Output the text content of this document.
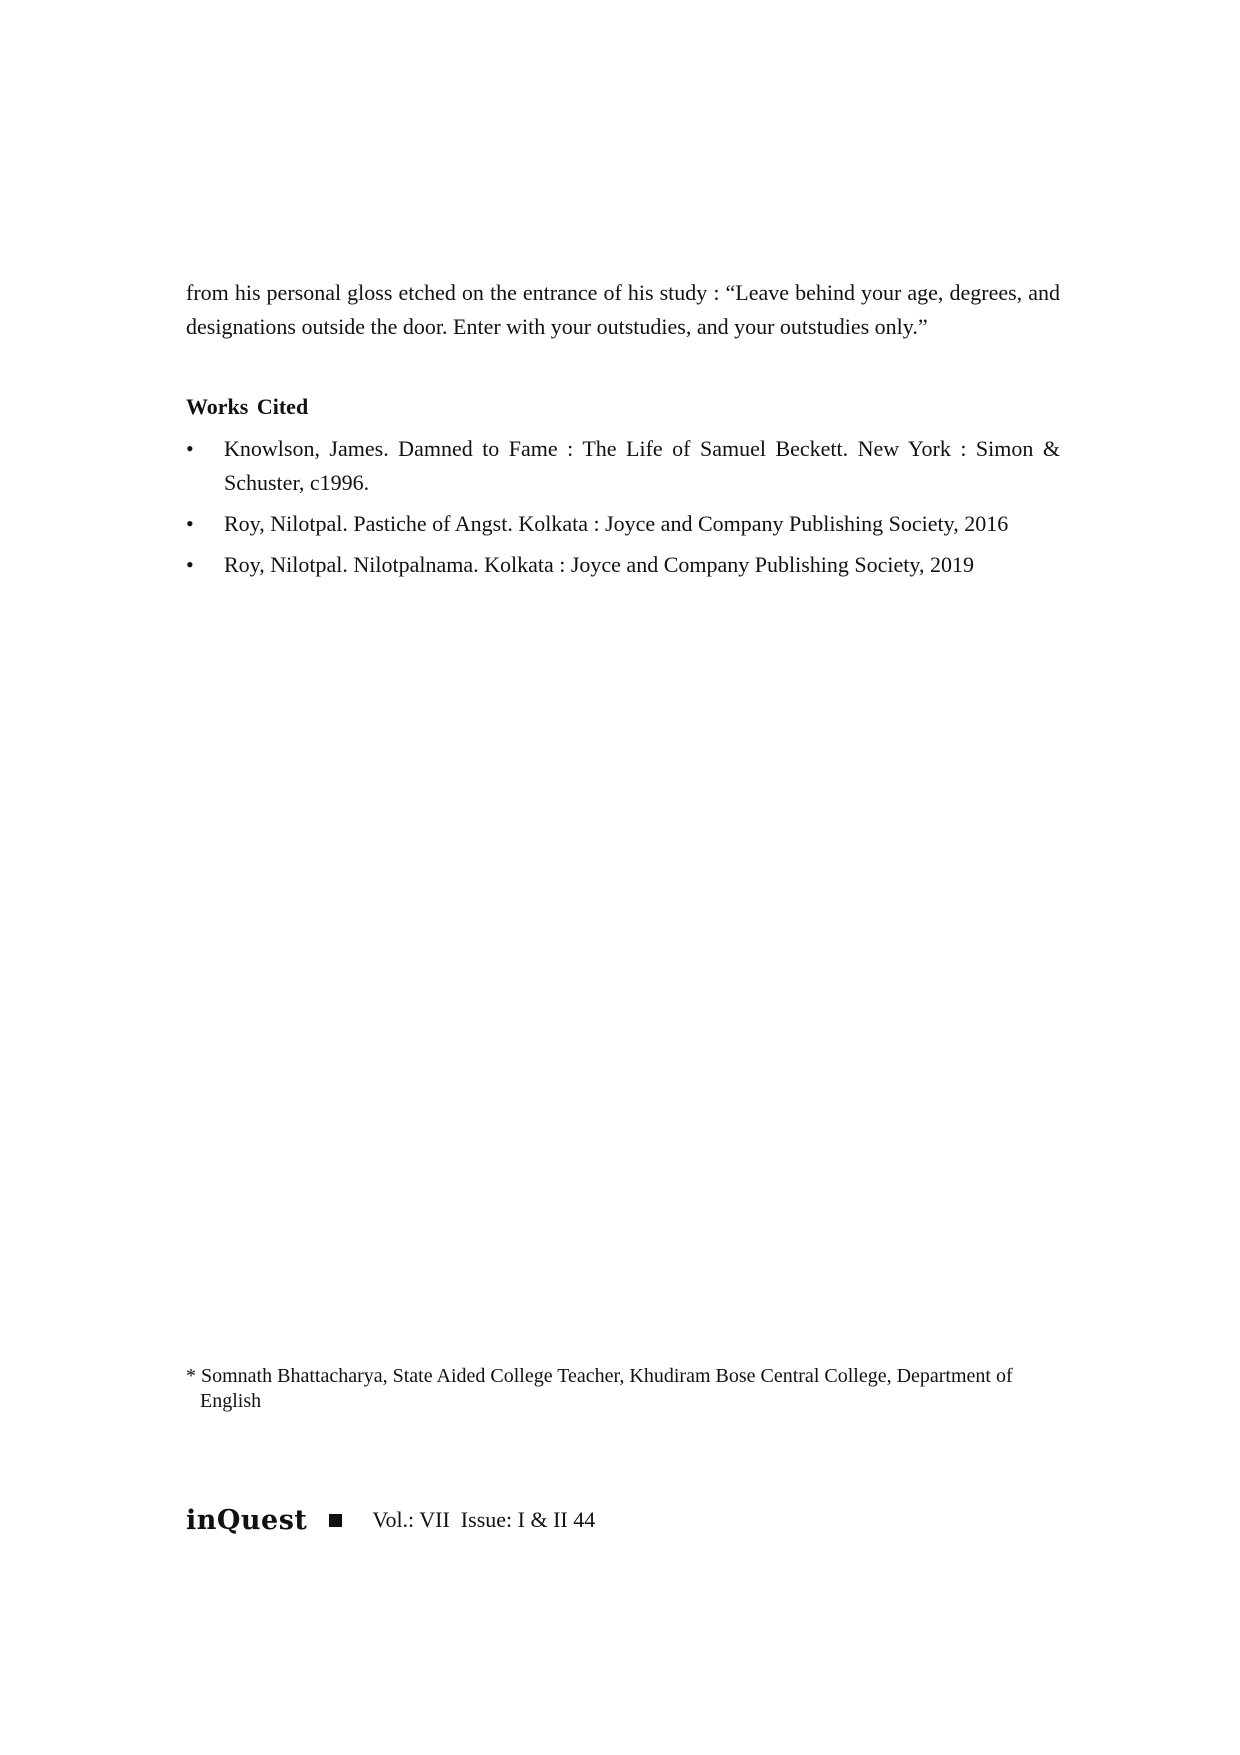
from his personal gloss etched on the entrance of his study : “Leave behind your age, degrees, and designations outside the door. Enter with your outstudies, and your outstudies only.”

Works Cited
•	Knowlson, James. Damned to Fame : The Life of Samuel Beckett. New York : Simon & Schuster, c1996.
•	Roy, Nilotpal. Pastiche of Angst. Kolkata : Joyce and Company Publishing Society, 2016
•	Roy, Nilotpal. Nilotpalnama. Kolkata : Joyce and Company Publishing Society, 2019

* Somnath Bhattacharya, State Aided College Teacher, Khudiram Bose Central College, Department of
English

inQuest	Vol.: VII  Issue: I & II 44
